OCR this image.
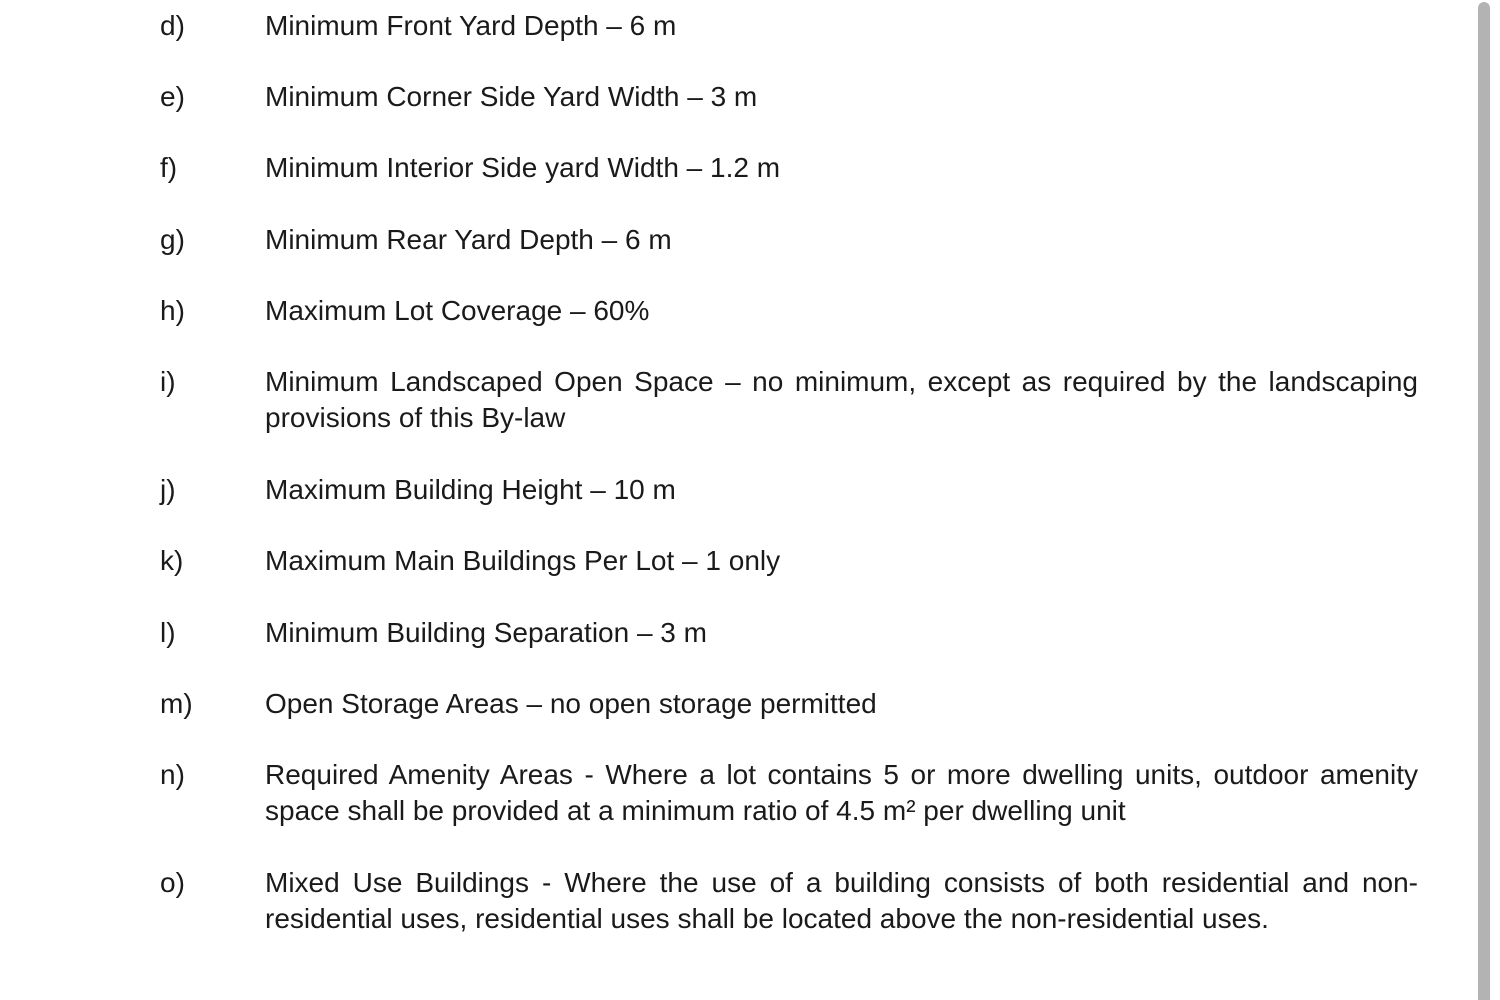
d)	Minimum Front Yard Depth – 6 m
e)	Minimum Corner Side Yard Width – 3 m
f)	Minimum Interior Side yard Width – 1.2 m
g)	Minimum Rear Yard Depth – 6 m
h)	Maximum Lot Coverage – 60%
i)	Minimum Landscaped Open Space – no minimum, except as required by the landscaping provisions of this By-law
j)	Maximum Building Height – 10 m
k)	Maximum Main Buildings Per Lot – 1 only
l)	Minimum Building Separation – 3 m
m)	Open Storage Areas – no open storage permitted
n)	Required Amenity Areas - Where a lot contains 5 or more dwelling units, outdoor amenity space shall be provided at a minimum ratio of 4.5 m² per dwelling unit
o)	Mixed Use Buildings - Where the use of a building consists of both residential and non-residential uses, residential uses shall be located above the non-residential uses.
